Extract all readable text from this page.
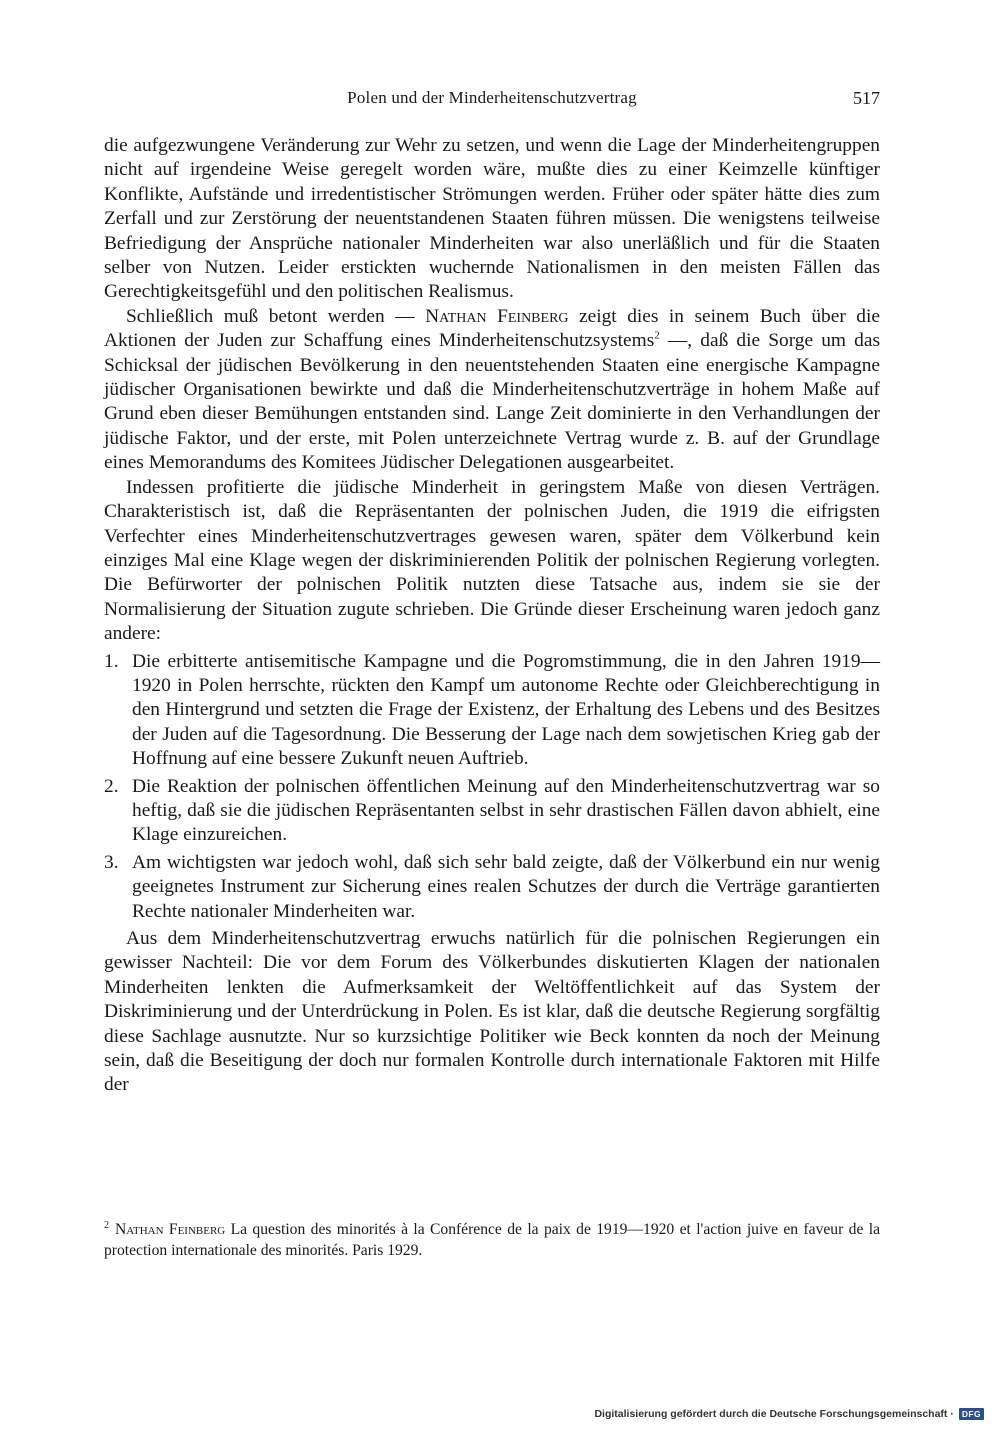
Polen und der Minderheitenschutzvertrag	517

die aufgezwungene Veränderung zur Wehr zu setzen, und wenn die Lage der Minderheitengruppen nicht auf irgendeine Weise geregelt worden wäre, mußte dies zu einer Keimzelle künftiger Konflikte, Aufstände und irredentistischer Strömungen werden. Früher oder später hätte dies zum Zerfall und zur Zerstörung der neuentstandenen Staaten führen müssen. Die wenigstens teilweise Befriedigung der Ansprüche nationaler Minderheiten war also unerläßlich und für die Staaten selber von Nutzen. Leider erstickten wuchernde Nationalismen in den meisten Fällen das Gerechtigkeitsgefühl und den politischen Realismus.

Schließlich muß betont werden — Nathan Feinberg zeigt dies in seinem Buch über die Aktionen der Juden zur Schaffung eines Minderheitenschutzsystems$^2$ —, daß die Sorge um das Schicksal der jüdischen Bevölkerung in den neuentstehenden Staaten eine energische Kampagne jüdischer Organisationen bewirkte und daß die Minderheitenschutzverträge in hohem Maße auf Grund eben dieser Bemühungen entstanden sind. Lange Zeit dominierte in den Verhandlungen der jüdische Faktor, und der erste, mit Polen unterzeichnete Vertrag wurde z. B. auf der Grundlage eines Memorandums des Komitees Jüdischer Delegationen ausgearbeitet.

Indessen profitierte die jüdische Minderheit in geringstem Maße von diesen Verträgen. Charakteristisch ist, daß die Repräsentanten der polnischen Juden, die 1919 die eifrigsten Verfechter eines Minderheitenschutzvertrages gewesen waren, später dem Völkerbund kein einziges Mal eine Klage wegen der diskriminierenden Politik der polnischen Regierung vorlegten. Die Befürworter der polnischen Politik nutzten diese Tatsache aus, indem sie sie der Normalisierung der Situation zugute schrieben. Die Gründe dieser Erscheinung waren jedoch ganz andere:

1. Die erbitterte antisemitische Kampagne und die Pogromstimmung, die in den Jahren 1919—1920 in Polen herrschte, rückten den Kampf um autonome Rechte oder Gleichberechtigung in den Hintergrund und setzten die Frage der Existenz, der Erhaltung des Lebens und des Besitzes der Juden auf die Tagesordnung. Die Besserung der Lage nach dem sowjetischen Krieg gab der Hoffnung auf eine bessere Zukunft neuen Auftrieb.
2. Die Reaktion der polnischen öffentlichen Meinung auf den Minderheitenschutzvertrag war so heftig, daß sie die jüdischen Repräsentanten selbst in sehr drastischen Fällen davon abhielt, eine Klage einzureichen.
3. Am wichtigsten war jedoch wohl, daß sich sehr bald zeigte, daß der Völkerbund ein nur wenig geeignetes Instrument zur Sicherung eines realen Schutzes der durch die Verträge garantierten Rechte nationaler Minderheiten war.

Aus dem Minderheitenschutzvertrag erwuchs natürlich für die polnischen Regierungen ein gewisser Nachteil: Die vor dem Forum des Völkerbundes diskutierten Klagen der nationalen Minderheiten lenkten die Aufmerksamkeit der Weltöffentlichkeit auf das System der Diskriminierung und der Unterdrückung in Polen. Es ist klar, daß die deutsche Regierung sorgfältig diese Sachlage ausnutzte. Nur so kurzsichtige Politiker wie Beck konnten da noch der Meinung sein, daß die Beseitigung der doch nur formalen Kontrolle durch internationale Faktoren mit Hilfe der

$^2$ Nathan Feinberg La question des minorités à la Conférence de la paix de 1919—1920 et l'action juive en faveur de la protection internationale des minorités. Paris 1929.
Digitalisierung gefördert durch die Deutsche Forschungsgemeinschaft · DFG
